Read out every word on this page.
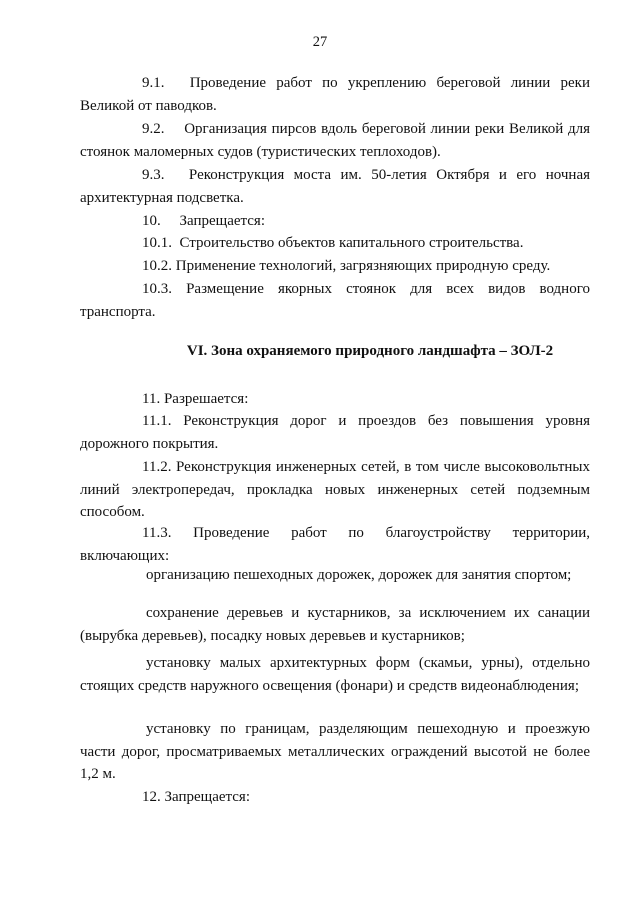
27
9.1.  Проведение работ по укреплению береговой линии реки Великой от паводков.
9.2.  Организация пирсов вдоль береговой линии реки Великой для стоянок маломерных судов (туристических теплоходов).
9.3.  Реконструкция моста им. 50-летия Октября и его ночная архитектурная подсветка.
10.  Запрещается:
10.1. Строительство объектов капитального строительства.
10.2. Применение технологий, загрязняющих природную среду.
10.3. Размещение якорных стоянок для всех видов водного транспорта.
VI. Зона охраняемого природного ландшафта – ЗОЛ-2
11. Разрешается:
11.1. Реконструкция дорог и проездов без повышения уровня дорожного покрытия.
11.2. Реконструкция инженерных сетей, в том числе высоковольтных линий электропередач, прокладка новых инженерных сетей подземным способом.
11.3. Проведение работ по благоустройству территории, включающих:
организацию пешеходных дорожек, дорожек для занятия спортом;
сохранение деревьев и кустарников, за исключением их санации (вырубка деревьев), посадку новых деревьев и кустарников;
установку малых архитектурных форм (скамьи, урны), отдельно стоящих средств наружного освещения (фонари) и средств видеонаблюдения;
установку по границам, разделяющим пешеходную и проезжую части дорог, просматриваемых металлических ограждений высотой не более 1,2 м.
12. Запрещается:
